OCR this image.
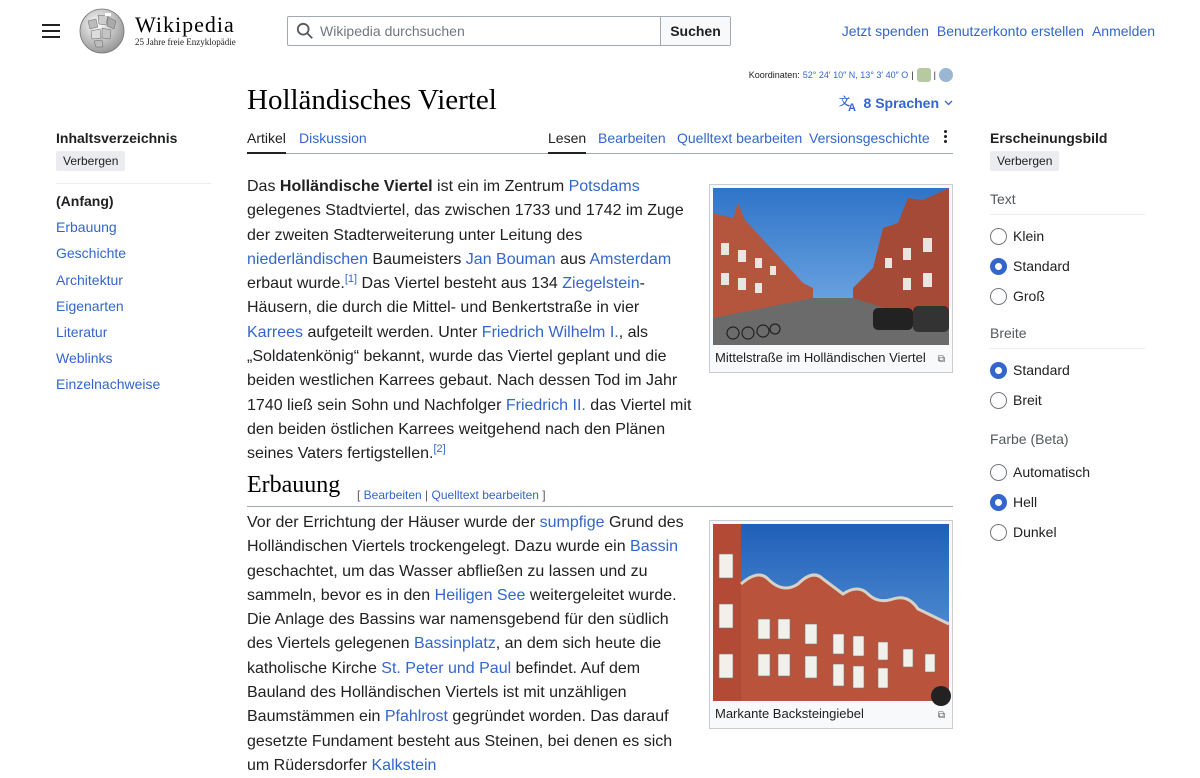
Wikipedia
25 Jahre freie Enzyklopädie
Wikipedia durchsuchen	Suchen	Jetzt spenden Benutzerkonto erstellen Anmelden
Inhaltsverzeichnis
Verbergen
(Anfang)
Erbauung
Geschichte
Architektur
Eigenarten
Literatur
Weblinks
Einzelnachweise
Koordinaten: 52° 24′ 10″ N, 13° 3′ 40″ O | |
Holländisches Viertel	文
A 8 Sprachen
Artikel Diskussion	Lesen Bearbeiten Quelltext bearbeiten Versionsgeschichte
Mittelstraße im Holländischen Viertel ⧉

Das Holländische Viertel ist ein im Zentrum Potsdams gelegenes Stadtviertel, das zwischen 1733 und 1742 im Zuge der zweiten Stadterweiterung unter Leitung des niederländischen Baumeisters Jan Bouman aus Amsterdam erbaut wurde.[1] Das Viertel besteht aus 134 Ziegelstein-Häusern, die durch die Mittel- und Benkertstraße in vier Karrees aufgeteilt werden. Unter Friedrich Wilhelm I., als „Soldatenkönig“ bekannt, wurde das Viertel geplant und die beiden westlichen Karrees gebaut. Nach dessen Tod im Jahr 1740 ließ sein Sohn und Nachfolger Friedrich II. das Viertel mit den beiden östlichen Karrees weitgehend nach den Plänen seines Vaters fertigstellen.[2]

Erbauung [ Bearbeiten | Quelltext bearbeiten ]
Markante Backsteingiebel	⧉

Vor der Errichtung der Häuser wurde der sumpfige Grund des Holländischen Viertels trockengelegt. Dazu wurde ein Bassin geschachtet, um das Wasser abfließen zu lassen und zu sammeln, bevor es in den Heiligen See weitergeleitet wurde. Die Anlage des Bassins war namensgebend für den südlich des Viertels gelegenen Bassinplatz, an dem sich heute die katholische Kirche St. Peter und Paul befindet. Auf dem Bauland des Holländischen Viertels ist mit unzähligen Baumstämmen ein Pfahlrost gegründet worden. Das darauf gesetzte Fundament besteht aus Steinen, bei denen es sich um Rüdersdorfer Kalkstein

Erscheinungsbild
Verbergen
Text
Klein
Standard
Groß
Breite
Standard
Breit
Farbe (Beta)
Automatisch
Hell
Dunkel
